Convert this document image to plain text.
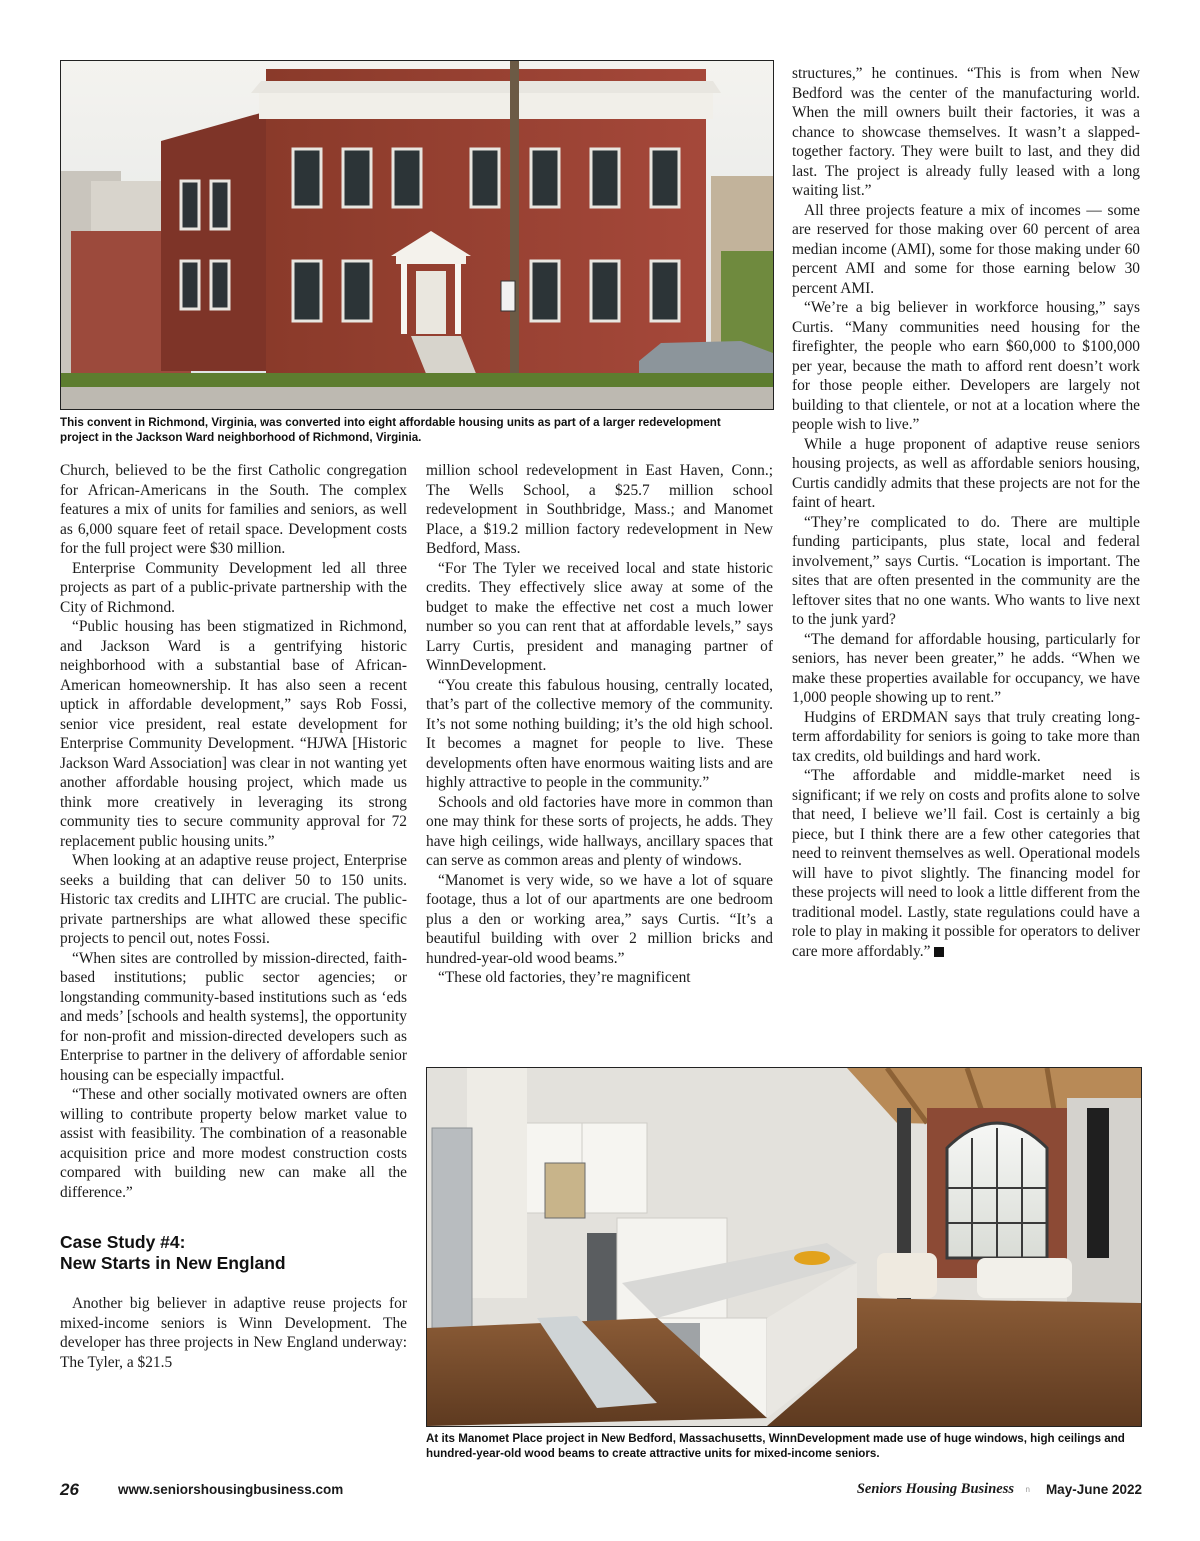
This convent in Richmond, Virginia, was converted into eight affordable housing units as part of a larger redevelopment project in the Jackson Ward neighborhood of Richmond, Virginia.

Church, believed to be the first Catholic congregation for African-Americans in the South. The complex features a mix of units for families and seniors, as well as 6,000 square feet of retail space. Development costs for the full project were $30 million.

Enterprise Community Development led all three projects as part of a public-private partnership with the City of Richmond.

“Public housing has been stigmatized in Richmond, and Jackson Ward is a gentrifying historic neighborhood with a substantial base of African-American homeownership. It has also seen a recent uptick in affordable development,” says Rob Fossi, senior vice president, real estate development for Enterprise Community Development. “HJWA [Historic Jackson Ward Association] was clear in not wanting yet another affordable housing project, which made us think more creatively in leveraging its strong community ties to secure community approval for 72 replacement public housing units.”

When looking at an adaptive reuse project, Enterprise seeks a building that can deliver 50 to 150 units. Historic tax credits and LIHTC are crucial. The public-private partnerships are what allowed these specific projects to pencil out, notes Fossi.

“When sites are controlled by mission-directed, faith-based institutions; public sector agencies; or longstanding community-based institutions such as ‘eds and meds’ [schools and health systems], the opportunity for non-profit and mission-directed developers such as Enterprise to partner in the delivery of affordable senior housing can be especially impactful.

“These and other socially motivated owners are often willing to contribute property below market value to assist with feasibility. The combination of a reasonable acquisition price and more modest construction costs compared with building new can make all the difference.”

Case Study #4:
New Starts in New England

Another big believer in adaptive reuse projects for mixed-income seniors is Winn Development. The developer has three projects in New England underway: The Tyler, a $21.5

million school redevelopment in East Haven, Conn.; The Wells School, a $25.7 million school redevelopment in Southbridge, Mass.; and Manomet Place, a $19.2 million factory redevelopment in New Bedford, Mass.

“For The Tyler we received local and state historic credits. They effectively slice away at some of the budget to make the effective net cost a much lower number so you can rent that at affordable levels,” says Larry Curtis, president and managing partner of WinnDevelopment.

“You create this fabulous housing, centrally located, that’s part of the collective memory of the community. It’s not some nothing building; it’s the old high school. It becomes a magnet for people to live. These developments often have enormous waiting lists and are highly attractive to people in the community.”

Schools and old factories have more in common than one may think for these sorts of projects, he adds. They have high ceilings, wide hallways, ancillary spaces that can serve as common areas and plenty of windows.

“Manomet is very wide, so we have a lot of square footage, thus a lot of our apartments are one bedroom plus a den or working area,” says Curtis. “It’s a beautiful building with over 2 million bricks and hundred-year-old wood beams.”

“These old factories, they’re magnificent

structures,” he continues. “This is from when New Bedford was the center of the manufacturing world. When the mill owners built their factories, it was a chance to showcase themselves. It wasn’t a slapped-together factory. They were built to last, and they did last. The project is already fully leased with a long waiting list.”

All three projects feature a mix of incomes — some are reserved for those making over 60 percent of area median income (AMI), some for those making under 60 percent AMI and some for those earning below 30 percent AMI.

“We’re a big believer in workforce housing,” says Curtis. “Many communities need housing for the firefighter, the people who earn $60,000 to $100,000 per year, because the math to afford rent doesn’t work for those people either. Developers are largely not building to that clientele, or not at a location where the people wish to live.”

While a huge proponent of adaptive reuse seniors housing projects, as well as affordable seniors housing, Curtis candidly admits that these projects are not for the faint of heart.

“They’re complicated to do. There are multiple funding participants, plus state, local and federal involvement,” says Curtis. “Location is important. The sites that are often presented in the community are the leftover sites that no one wants. Who wants to live next to the junk yard?

“The demand for affordable housing, particularly for seniors, has never been greater,” he adds. “When we make these properties available for occupancy, we have 1,000 people showing up to rent.”

Hudgins of ERDMAN says that truly creating long-term affordability for seniors is going to take more than tax credits, old buildings and hard work.

“The affordable and middle-market need is significant; if we rely on costs and profits alone to solve that need, I believe we’ll fail. Cost is certainly a big piece, but I think there are a few other categories that need to reinvent themselves as well. Operational models will have to pivot slightly. The financing model for these projects will need to look a little different from the traditional model. Lastly, state regulations could have a role to play in making it possible for operators to deliver care more affordably.”

At its Manomet Place project in New Bedford, Massachusetts, WinnDevelopment made use of huge windows, high ceilings and hundred-year-old wood beams to create attractive units for mixed-income seniors.
26	www.seniorshousingbusiness.com	Seniors Housing Business n May-June 2022
